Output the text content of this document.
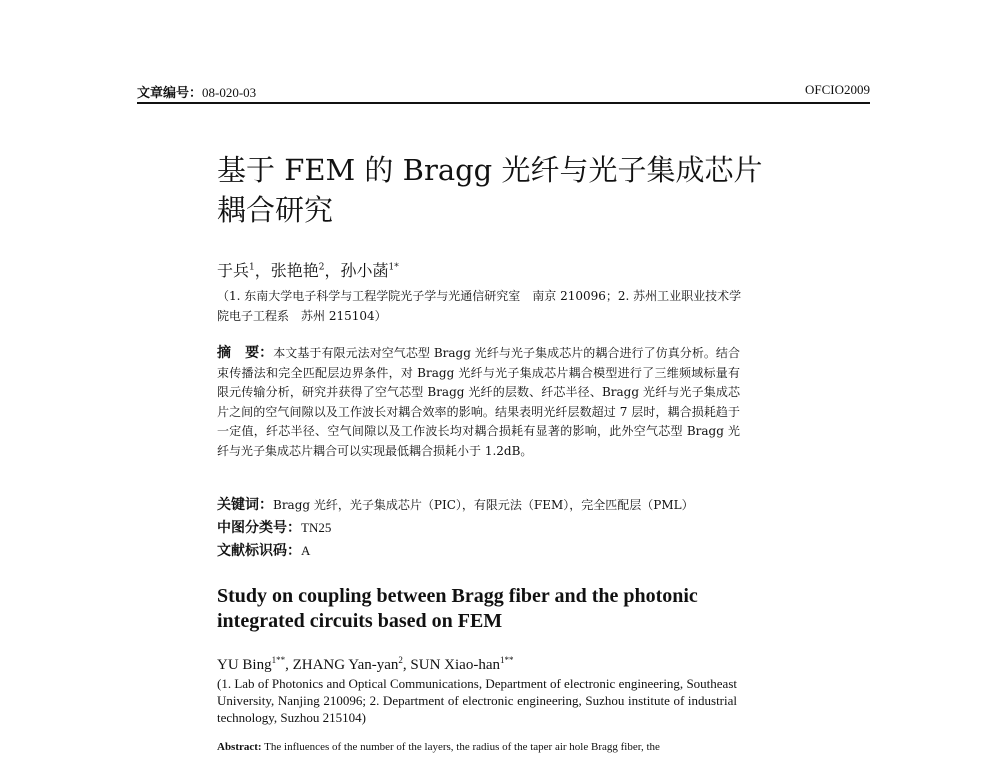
文章编号：08-020-03	OFCIO2009
基于 FEM 的 Bragg 光纤与光子集成芯片
耦合研究
于兵$^1$，张艳艳$^2$，孙小菡$^{1*}$
（1. 东南大学电子科学与工程学院光子学与光通信研究室　南京 210096；2. 苏州工业职业技术学院电子工程系　苏州 215104）
摘　要：本文基于有限元法对空气芯型 Bragg 光纤与光子集成芯片的耦合进行了仿真分析。结合束传播法和完全匹配层边界条件，对 Bragg 光纤与光子集成芯片耦合模型进行了三维频域标量有限元传输分析，研究并获得了空气芯型 Bragg 光纤的层数、纤芯半径、Bragg 光纤与光子集成芯片之间的空气间隙以及工作波长对耦合效率的影响。结果表明光纤层数超过 7 层时，耦合损耗趋于一定值，纤芯半径、空气间隙以及工作波长均对耦合损耗有显著的影响，此外空气芯型 Bragg 光纤与光子集成芯片耦合可以实现最低耦合损耗小于 1.2dB。
关键词：Bragg 光纤，光子集成芯片（PIC），有限元法（FEM），完全匹配层（PML）
中图分类号：TN25
文献标识码：A
Study on coupling between Bragg fiber and the photonic integrated circuits based on FEM
YU Bing$^{1**}$, ZHANG Yan-yan$^2$, SUN Xiao-han$^{1**}$
(1. Lab of Photonics and Optical Communications, Department of electronic engineering, Southeast University, Nanjing 210096; 2. Department of electronic engineering, Suzhou institute of industrial technology, Suzhou 215104)
Abstract: The influences of the number of the layers, the radius of the taper air hole Bragg fiber, the
